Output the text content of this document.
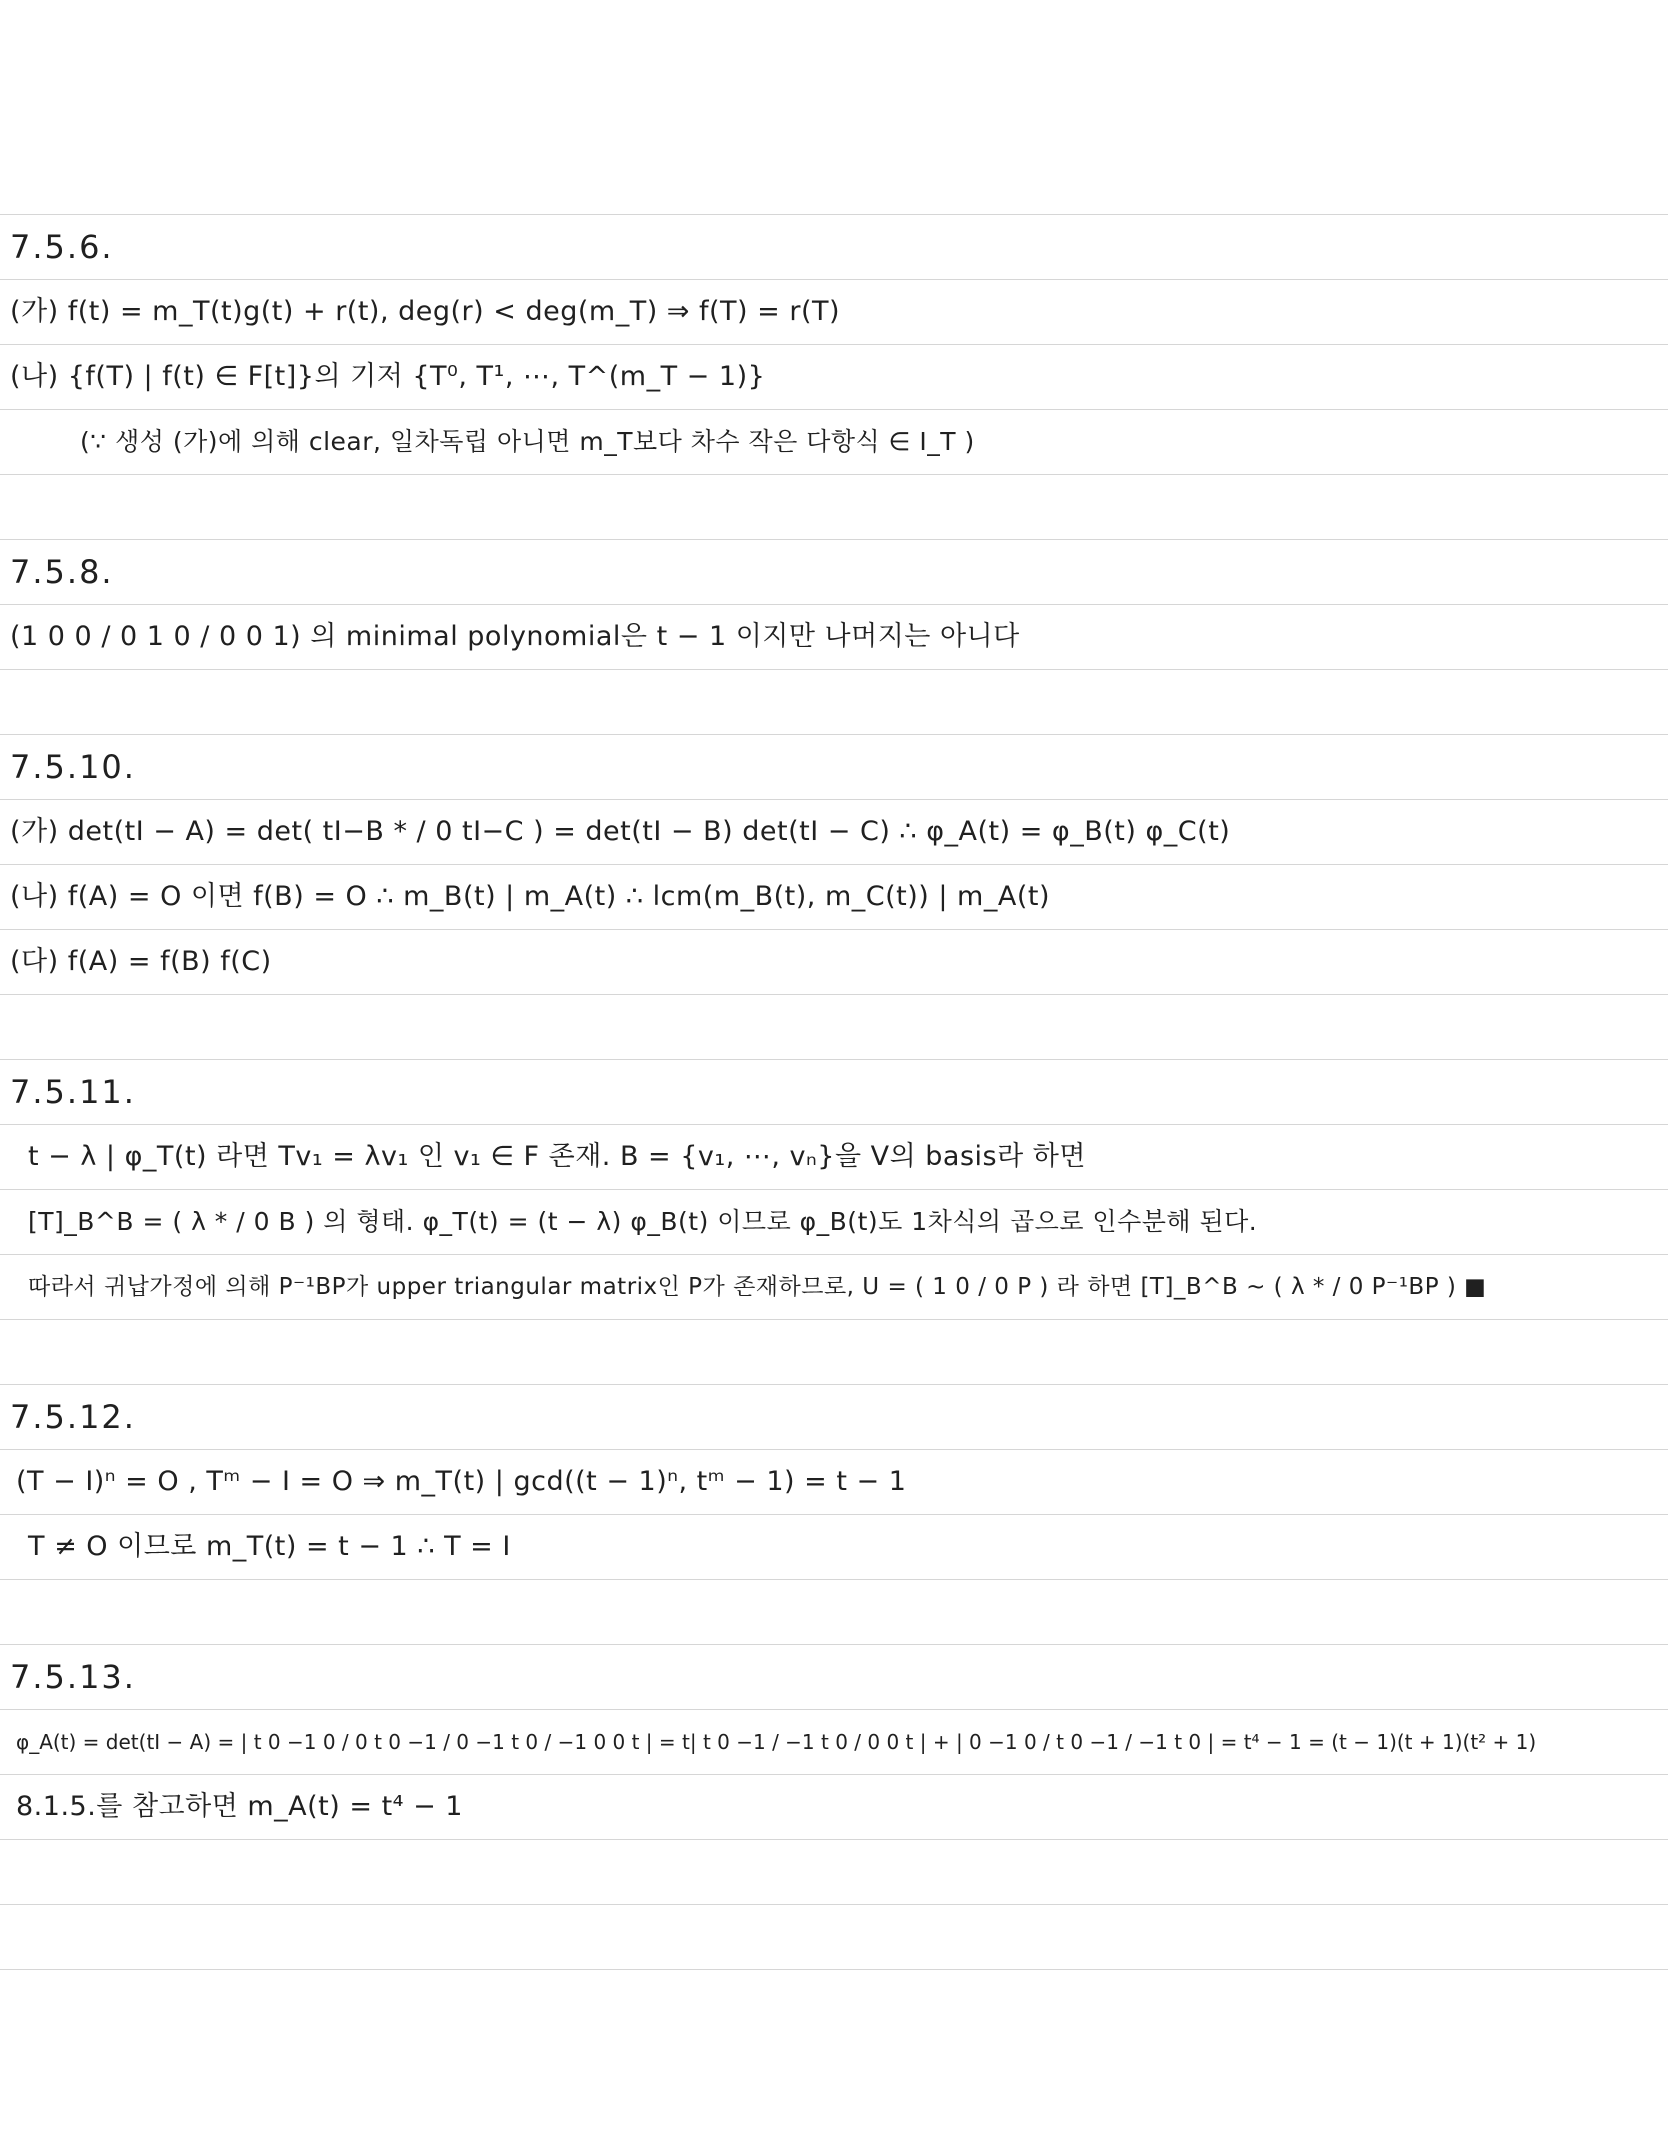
7.5.6.
(가) f(t) = m_T(t)g(t) + r(t), deg(r) < deg(m_T) ⇒ f(T) = r(T)
(나) {f(T) | f(t) ∈ F[t]}의 기저 {T⁰, T¹, ⋯, T^(m_T − 1)}
(∵ 생성 (가)에 의해 clear, 일차독립 아니면 m_T보다 차수 작은 다항식 ∈ I_T )
7.5.8.
(1 0 0 / 0 1 0 / 0 0 1) 의 minimal polynomial은 t − 1 이지만 나머지는 아니다
7.5.10.
(가) det(tI − A) = det( tI−B * / 0 tI−C ) = det(tI − B) det(tI − C) ∴ φ_A(t) = φ_B(t) φ_C(t)
(나) f(A) = O 이면 f(B) = O ∴ m_B(t) | m_A(t) ∴ lcm(m_B(t), m_C(t)) | m_A(t)
(다) f(A) = f(B) f(C)
7.5.11.
t − λ | φ_T(t) 라면 Tv₁ = λv₁ 인 v₁ ∈ F 존재. B = {v₁, ⋯, vₙ}을 V의 basis라 하면
[T]_B^B = ( λ * / 0 B ) 의 형태. φ_T(t) = (t − λ) φ_B(t) 이므로 φ_B(t)도 1차식의 곱으로 인수분해 된다.
따라서 귀납가정에 의해 P⁻¹BP가 upper triangular matrix인 P가 존재하므로, U = ( 1 0 / 0 P ) 라 하면 [T]_B^B ~ ( λ * / 0 P⁻¹BP ) ■
7.5.12.
(T − I)ⁿ = O , Tᵐ − I = O ⇒ m_T(t) | gcd((t − 1)ⁿ, tᵐ − 1) = t − 1
T ≠ O 이므로 m_T(t) = t − 1 ∴ T = I
7.5.13.
φ_A(t) = det(tI − A) = | t 0 −1 0 / 0 t 0 −1 / 0 −1 t 0 / −1 0 0 t | = t| t 0 −1 / −1 t 0 / 0 0 t | + | 0 −1 0 / t 0 −1 / −1 t 0 | = t⁴ − 1 = (t − 1)(t + 1)(t² + 1)
8.1.5.를 참고하면 m_A(t) = t⁴ − 1
